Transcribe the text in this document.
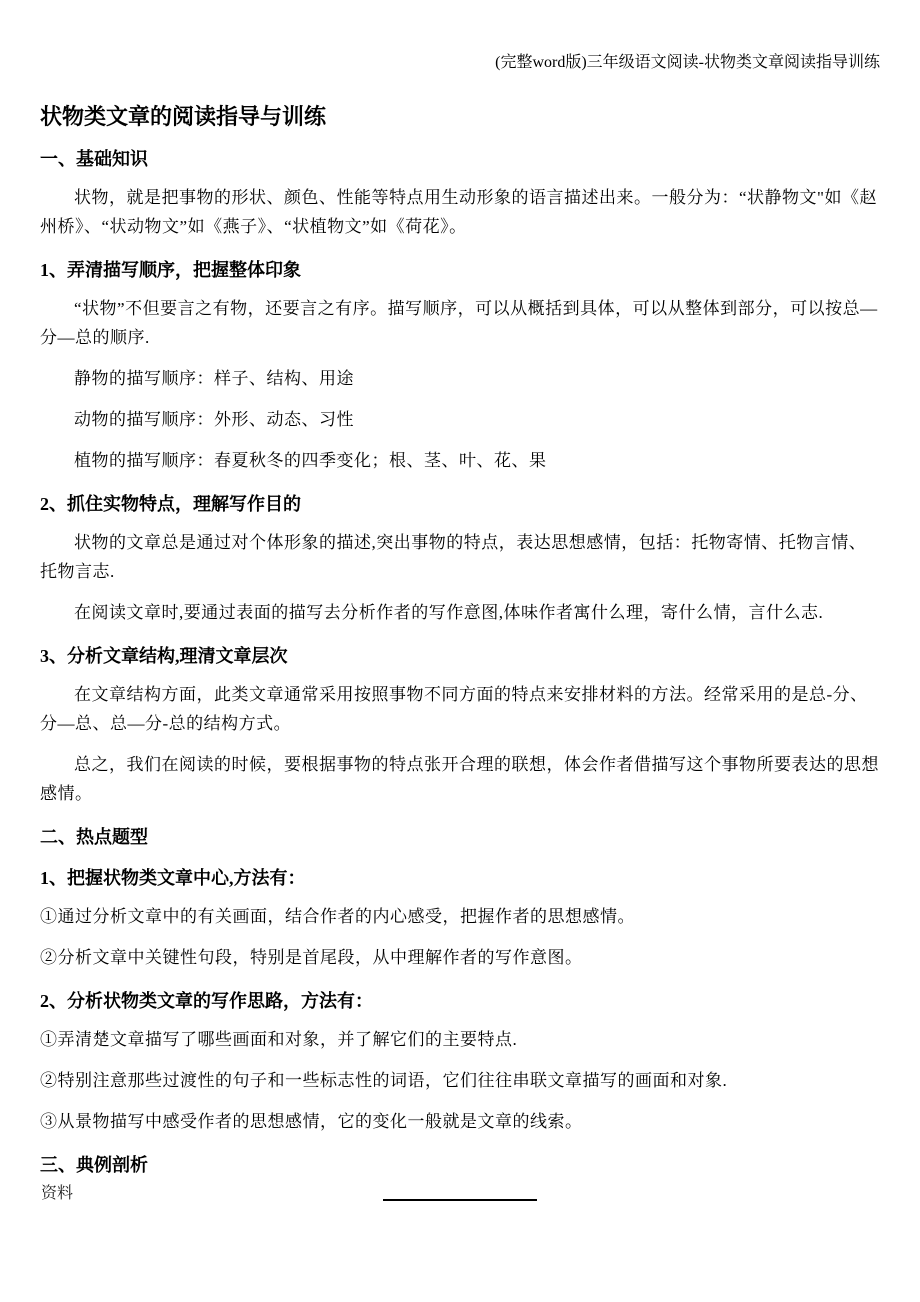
(完整word版)三年级语文阅读-状物类文章阅读指导训练
状物类文章的阅读指导与训练
一、基础知识

状物，就是把事物的形状、颜色、性能等特点用生动形象的语言描述出来。一般分为：“状静物文"如《赵州桥》、“状动物文”如《燕子》、“状植物文”如《荷花》。

1、弄清描写顺序，把握整体印象

“状物”不但要言之有物，还要言之有序。描写顺序，可以从概括到具体，可以从整体到部分，可以按总—分—总的顺序.

静物的描写顺序：样子、结构、用途

动物的描写顺序：外形、动态、习性

植物的描写顺序：春夏秋冬的四季变化；根、茎、叶、花、果

2、抓住实物特点，理解写作目的

状物的文章总是通过对个体形象的描述,突出事物的特点，表达思想感情，包括：托物寄情、托物言情、托物言志.

在阅读文章时,要通过表面的描写去分析作者的写作意图,体味作者寓什么理，寄什么情，言什么志.

3、分析文章结构,理清文章层次

在文章结构方面，此类文章通常采用按照事物不同方面的特点来安排材料的方法。经常采用的是总-分、分—总、总—分-总的结构方式。

总之，我们在阅读的时候，要根据事物的特点张开合理的联想，体会作者借描写这个事物所要表达的思想感情。

二、热点题型
1、把握状物类文章中心,方法有：

①通过分析文章中的有关画面，结合作者的内心感受，把握作者的思想感情。

②分析文章中关键性句段，特别是首尾段，从中理解作者的写作意图。

2、分析状物类文章的写作思路，方法有：

①弄清楚文章描写了哪些画面和对象，并了解它们的主要特点.

②特别注意那些过渡性的句子和一些标志性的词语，它们往往串联文章描写的画面和对象.

③从景物描写中感受作者的思想感情，它的变化一般就是文章的线索。

三、典例剖析
资料
